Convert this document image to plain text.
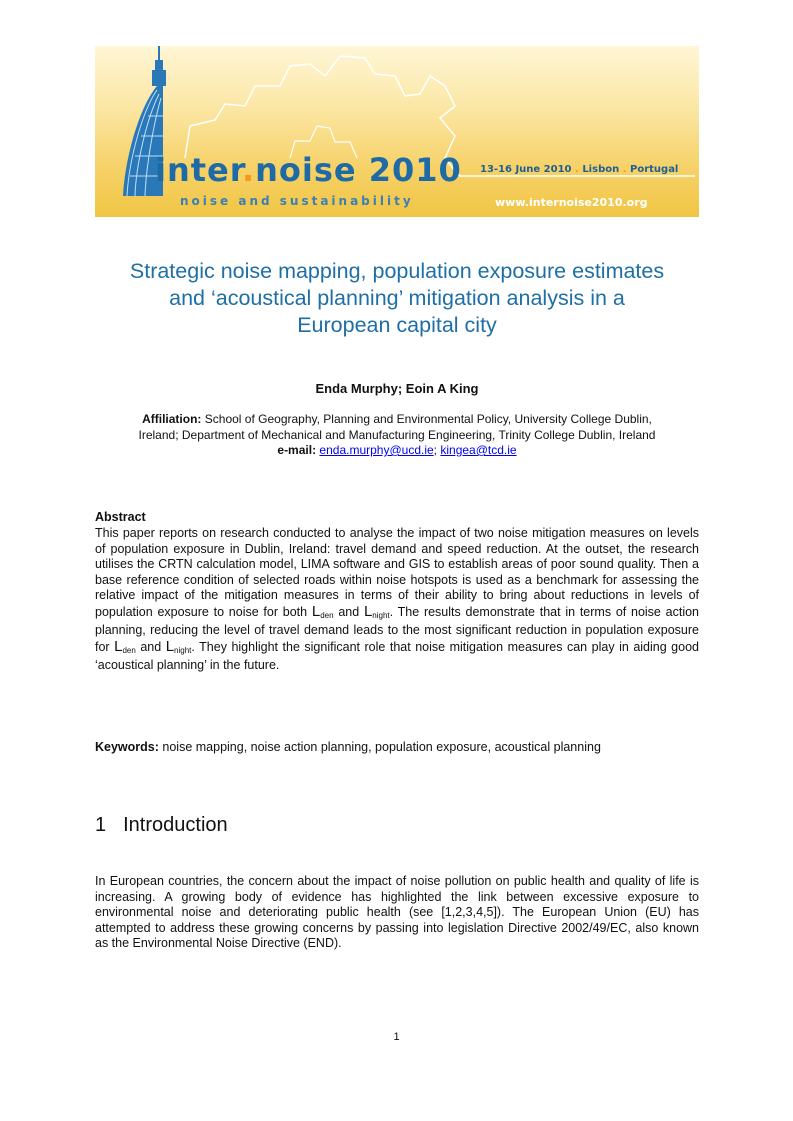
inter.noise 2010
noise and sustainability
13-16 June 2010 . Lisbon . Portugal
www.internoise2010.org
Strategic noise mapping, population exposure estimates
and ‘acoustical planning’ mitigation analysis in a
European capital city
Enda Murphy; Eoin A King
Affiliation: School of Geography, Planning and Environmental Policy, University College Dublin,
Ireland; Department of Mechanical and Manufacturing Engineering, Trinity College Dublin, Ireland
e-mail: enda.murphy@ucd.ie; kingea@tcd.ie
Abstract
This paper reports on research conducted to analyse the impact of two noise mitigation measures on levels of population exposure in Dublin, Ireland: travel demand and speed reduction. At the outset, the research utilises the CRTN calculation model, LIMA software and GIS to establish areas of poor sound quality. Then a base reference condition of selected roads within noise hotspots is used as a benchmark for assessing the relative impact of the mitigation measures in terms of their ability to bring about reductions in levels of population exposure to noise for both $L_{den}$ and $L_{night}$. The results demonstrate that in terms of noise action planning, reducing the level of travel demand leads to the most significant reduction in population exposure for $L_{den}$ and $L_{night}$. They highlight the significant role that noise mitigation measures can play in aiding good ‘acoustical planning’ in the future.
Keywords: noise mapping, noise action planning, population exposure, acoustical planning
1 Introduction
In European countries, the concern about the impact of noise pollution on public health and quality of life is increasing. A growing body of evidence has highlighted the link between excessive exposure to environmental noise and deteriorating public health (see [1,2,3,4,5]). The European Union (EU) has attempted to address these growing concerns by passing into legislation Directive 2002/49/EC, also known as the Environmental Noise Directive (END).
1
